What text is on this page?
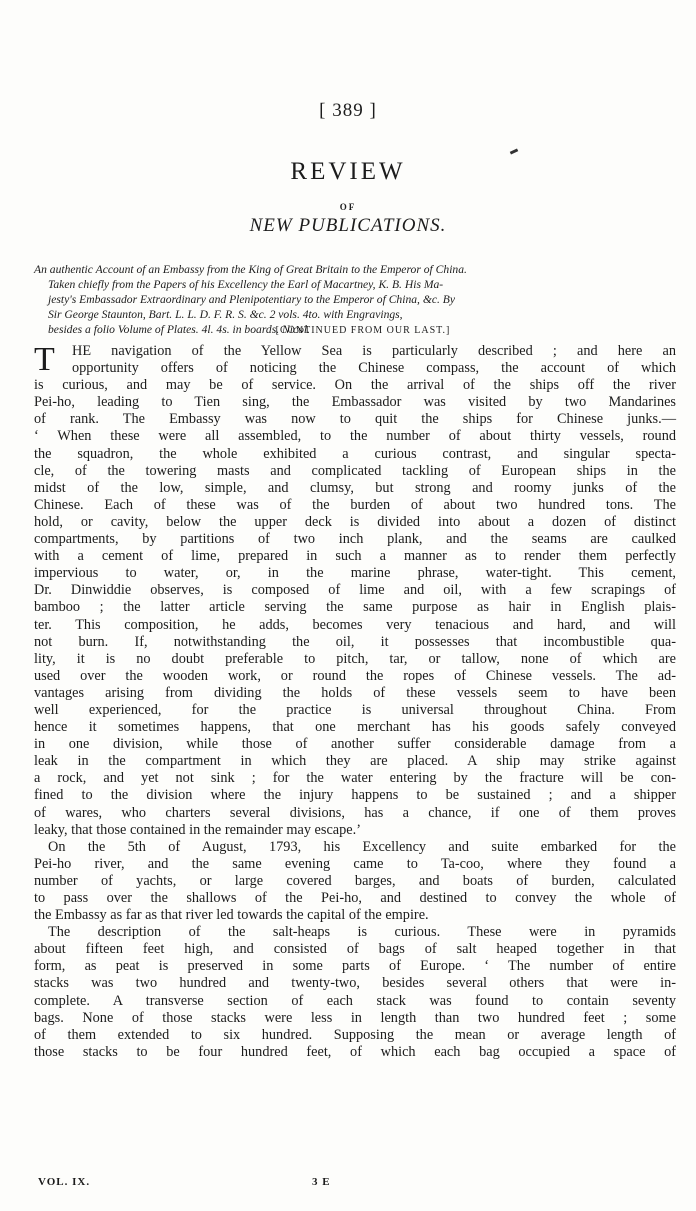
[ 389 ]
REVIEW
OF
NEW PUBLICATIONS.
An authentic Account of an Embassy from the King of Great Britain to the Emperor of China.
Taken chiefly from the Papers of his Excellency the Earl of Macartney, K. B. His Ma-
jesty's Embassador Extraordinary and Plenipotentiary to the Emperor of China, &c. By
Sir George Staunton, Bart. L. L. D. F. R. S. &c. 2 vols. 4to. with Engravings,
besides a folio Volume of Plates. 4l. 4s. in boards. Nicol.
[CONTINUED FROM OUR LAST.]
T	HE navigation of the Yellow Sea is particularly described ; and here an
opportunity offers of noticing the Chinese compass, the account of which
is curious, and may be of service. On the arrival of the ships off the river
Pei-ho, leading to Tien sing, the Embassador was visited by two Mandarines
of rank. The Embassy was now to quit the ships for Chinese junks.—
‘ When these were all assembled, to the number of about thirty vessels, round
the squadron, the whole exhibited a curious contrast, and singular specta-
cle, of the towering masts and complicated tackling of European ships in the
midst of the low, simple, and clumsy, but strong and roomy junks of the
Chinese. Each of these was of the burden of about two hundred tons. The
hold, or cavity, below the upper deck is divided into about a dozen of distinct
compartments, by partitions of two inch plank, and the seams are caulked
with a cement of lime, prepared in such a manner as to render them perfectly
impervious to water, or, in the marine phrase, water-tight. This cement,
Dr. Dinwiddie observes, is composed of lime and oil, with a few scrapings of
bamboo ; the latter article serving the same purpose as hair in English plais-
ter. This composition, he adds, becomes very tenacious and hard, and will
not burn. If, notwithstanding the oil, it possesses that incombustible qua-
lity, it is no doubt preferable to pitch, tar, or tallow, none of which are
used over the wooden work, or round the ropes of Chinese vessels. The ad-
vantages arising from dividing the holds of these vessels seem to have been
well experienced, for the practice is universal throughout China. From
hence it sometimes happens, that one merchant has his goods safely conveyed
in one division, while those of another suffer considerable damage from a
leak in the compartment in which they are placed. A ship may strike against
a rock, and yet not sink ; for the water entering by the fracture will be con-
fined to the division where the injury happens to be sustained ; and a shipper
of wares, who charters several divisions, has a chance, if one of them proves
leaky, that those contained in the remainder may escape.’
On the 5th of August, 1793, his Excellency and suite embarked for the
Pei-ho river, and the same evening came to Ta-coo, where they found a
number of yachts, or large covered barges, and boats of burden, calculated
to pass over the shallows of the Pei-ho, and destined to convey the whole of
the Embassy as far as that river led towards the capital of the empire.
The description of the salt-heaps is curious. These were in pyramids
about fifteen feet high, and consisted of bags of salt heaped together in that
form, as peat is preserved in some parts of Europe. ‘ The number of entire
stacks was two hundred and twenty-two, besides several others that were in-
complete. A transverse section of each stack was found to contain seventy
bags. None of those stacks were less in length than two hundred feet ; some
of them extended to six hundred. Supposing the mean or average length of
those stacks to be four hundred feet, of which each bag occupied a space of
VOL. IX.	3 E
